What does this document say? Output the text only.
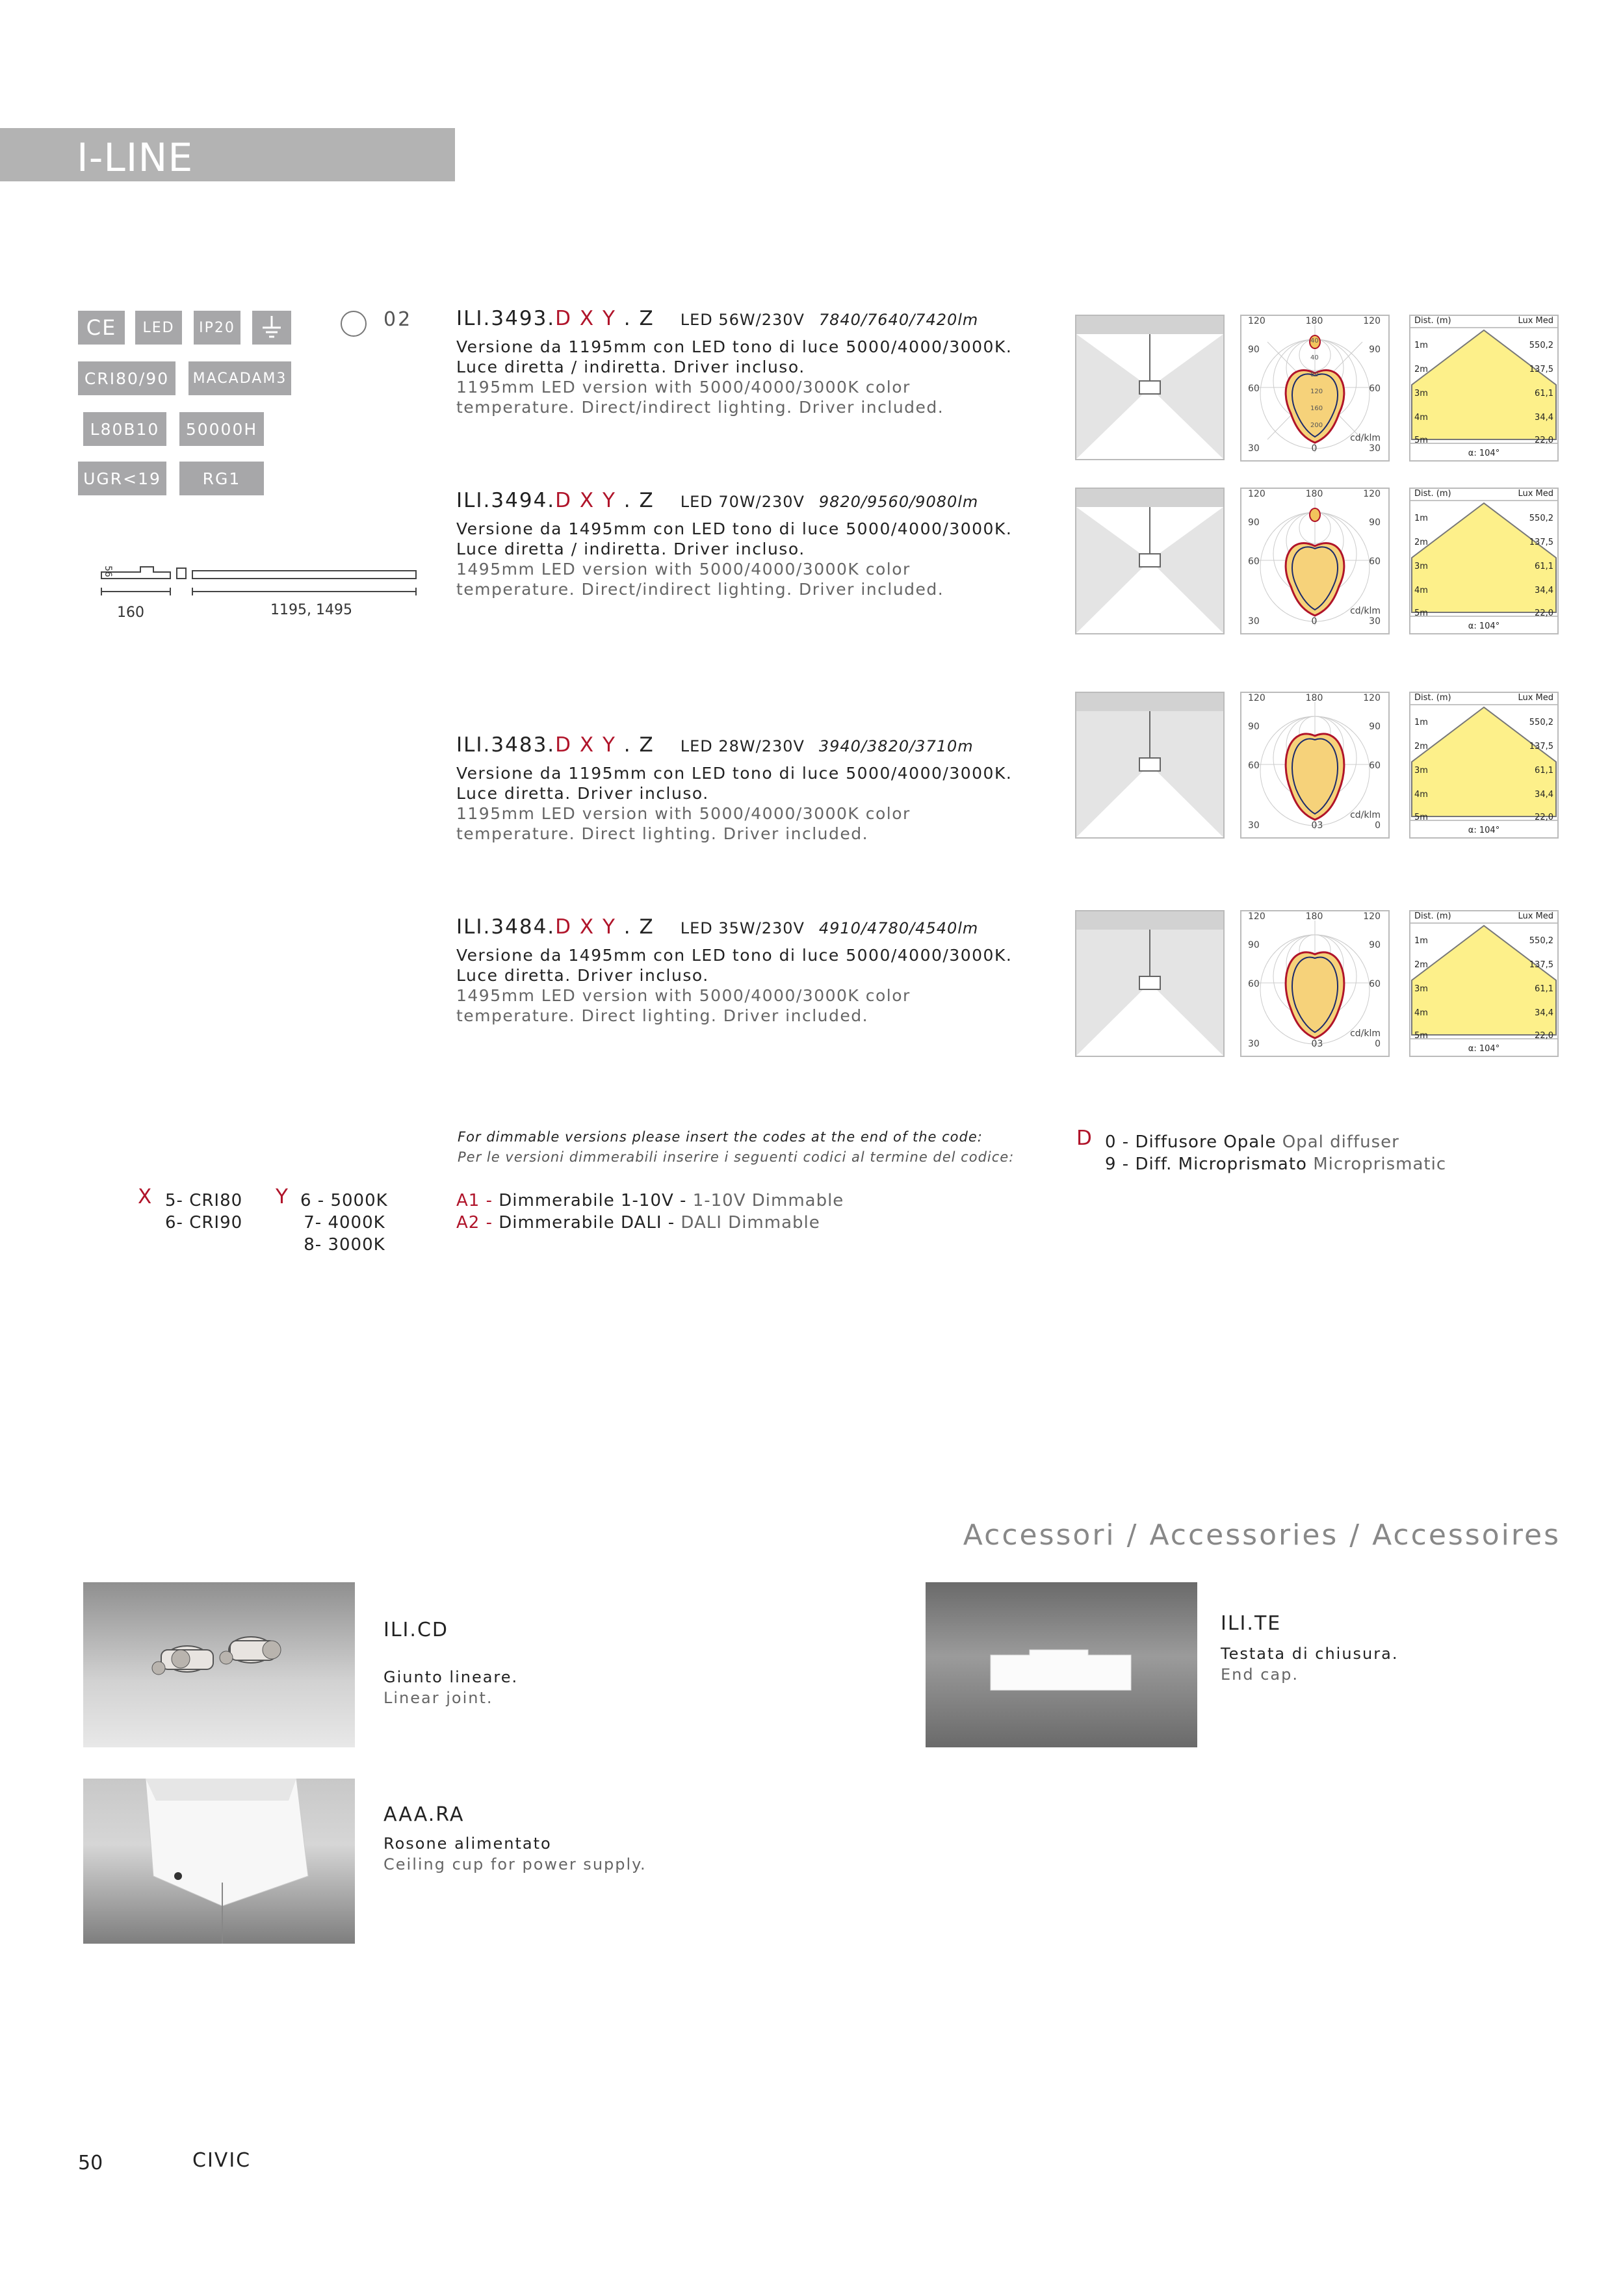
I-LINE
CE	LED	IP20
CRI80/90	MACADAM3
L80B10	50000H
UGR<19	RG1
02
56
160	1195, 1495
ILI.3493.D X Y . Z LED 56W/230V 7840/7640/7420lm
Versione da 1195mm con LED tono di luce 5000/4000/3000K.
Luce diretta / indiretta. Driver incluso.
1195mm LED version with 5000/4000/3000K color
temperature. Direct/indirect lighting. Driver included.
ILI.3494.D X Y . Z LED 70W/230V 9820/9560/9080lm
Versione da 1495mm con LED tono di luce 5000/4000/3000K.
Luce diretta / indiretta. Driver incluso.
1495mm LED version with 5000/4000/3000K color
temperature. Direct/indirect lighting. Driver included.
ILI.3483.D X Y . Z LED 28W/230V 3940/3820/3710m
Versione da 1195mm con LED tono di luce 5000/4000/3000K.
Luce diretta. Driver incluso.
1195mm LED version with 5000/4000/3000K color
temperature. Direct lighting. Driver included.
ILI.3484.D X Y . Z LED 35W/230V 4910/4780/4540lm
Versione da 1495mm con LED tono di luce 5000/4000/3000K.
Luce diretta. Driver incluso.
1495mm LED version with 5000/4000/3000K color
temperature. Direct lighting. Driver included.
120	180	120
90	90
60	60
cd/klm
30	0	30
Dist. (m)	Lux Med
1m	550,2
2m	137,5
3m	61,1
4m	34,4
5m	22,0
α: 104°
120	180	120
90	90
60	60
cd/klm
30	0	30
Dist. (m)	Lux Med
1m	550,2
2m	137,5
3m	61,1
4m	34,4
5m	22,0
α: 104°
120	180	120
90	90
60	60
cd/klm
30	03	0
Dist. (m)	Lux Med
1m	550,2
2m	137,5
3m	61,1
4m	34,4
5m	22,0
α: 104°
120	180	120
90	90
60	60
cd/klm
30	03	0
Dist. (m)	Lux Med
1m	550,2
2m	137,5
3m	61,1
4m	34,4
5m	22,0
α: 104°
40
40
80
120
160
200
For dimmable versions please insert the codes at the end of the code:
Per le versioni dimmerabili inserire i seguenti codici al termine del codice:
A1 - Dimmerabile 1-10V - 1-10V Dimmable
A2 - Dimmerabile DALI - DALI Dimmable
D 0 - Diffusore Opale Opal diffuser
9 - Diff. Microprismato Microprismatic
X 5- CRI80
6- CRI90
Y 6 - 5000K
7- 4000K
8- 3000K
Accessori / Accessories / Accessoires
ILI.CD
Giunto lineare.
Linear joint.
ILI.TE
Testata di chiusura.
End cap.
AAA.RA
Rosone alimentato
Ceiling cup for power supply.
50	CIVIC
